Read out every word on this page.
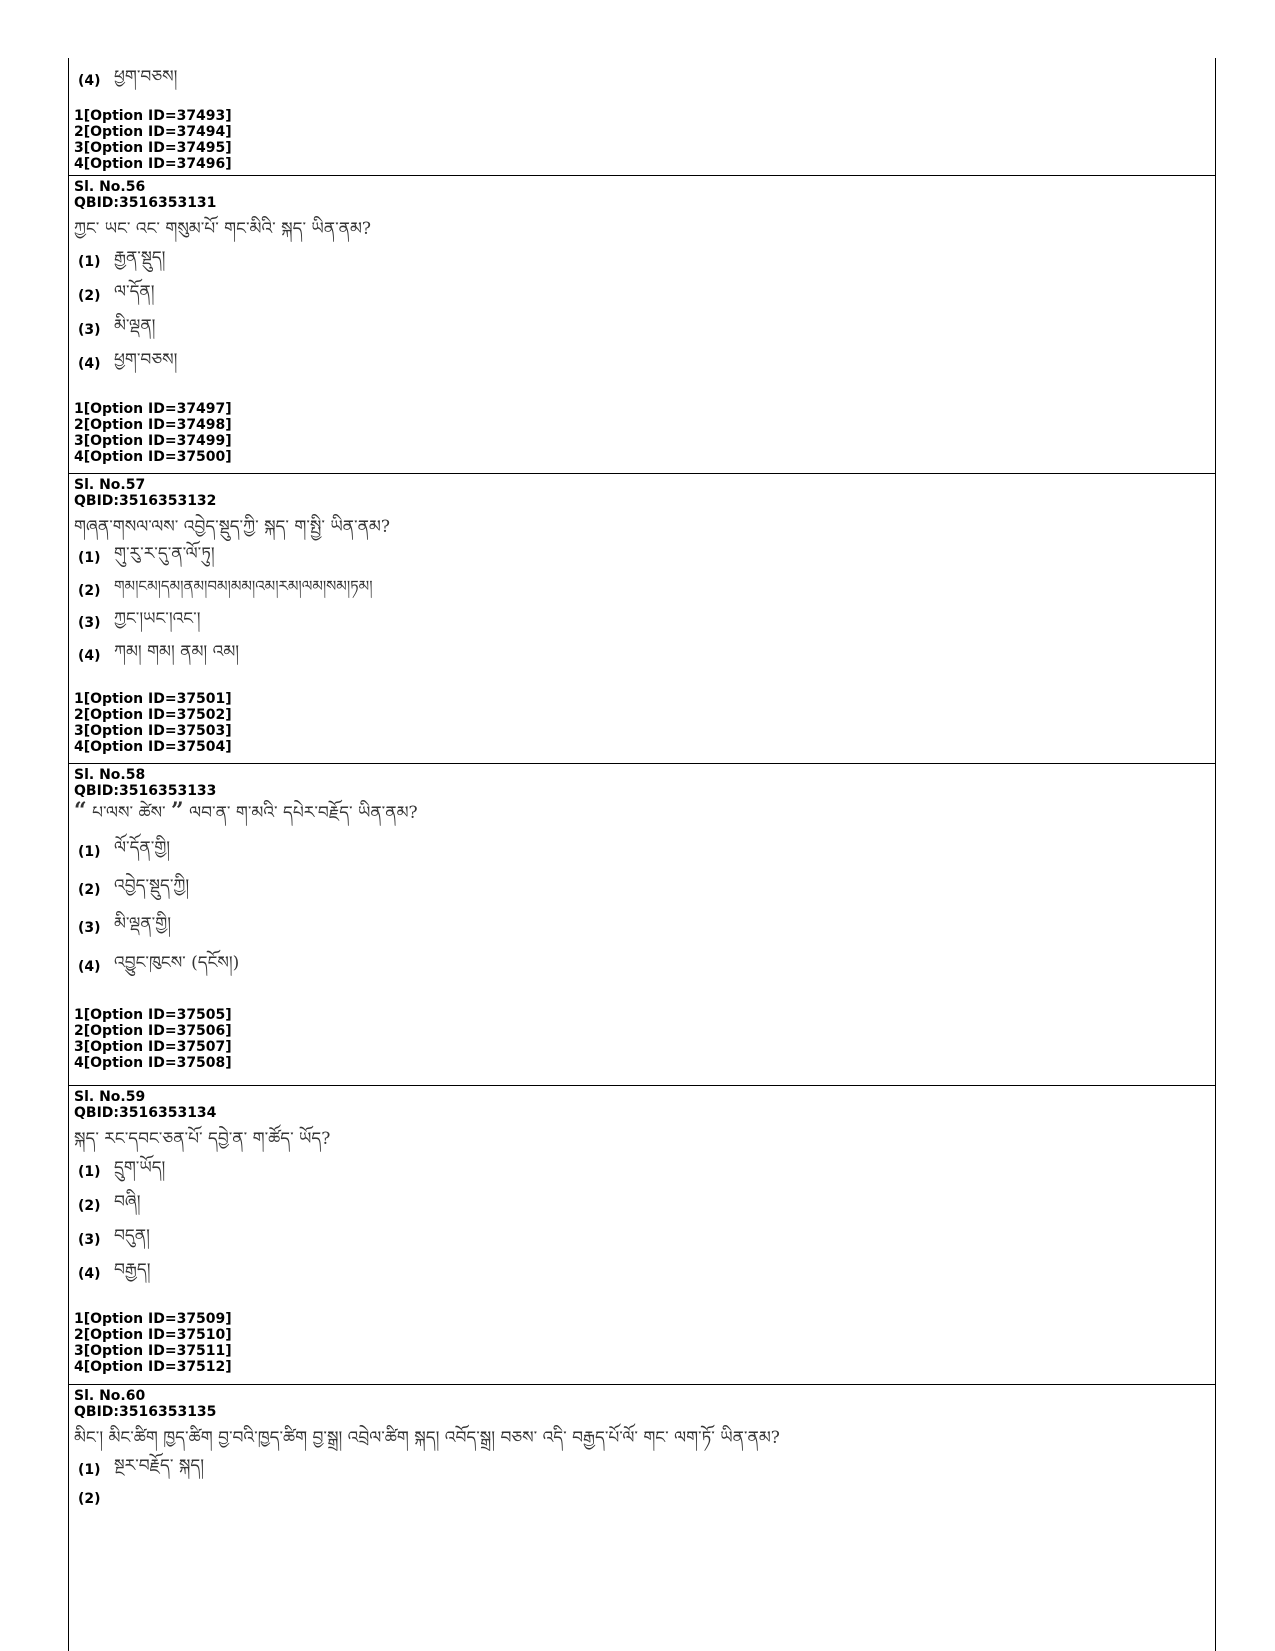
(4) ཕྱག་བཅས།
1[Option ID=37493]
2[Option ID=37494]
3[Option ID=37495]
4[Option ID=37496]
Sl. No.56
QBID:3516353131
ཀྱང་ ཡང་ འང་ གསུམ་པོ་ གང་མིའི་ སྐད་ ཡིན་ནམ?
(1) རྒྱན་སྡུད།
(2) ལ་དོན།
(3) མི་ལྡན།
(4) ཕྱག་བཅས།
1[Option ID=37497]
2[Option ID=37498]
3[Option ID=37499]
4[Option ID=37500]
Sl. No.57
QBID:3516353132
གཞན་གསལ་ལས་ འབྱེད་སྡུད་ཀྱི་ སྐད་ ག་སྤྱི་ ཡིན་ནམ?
(1) གུ་རུ་ར་དུ་ན་ལོ་ཏུ།
(2) གམ།ངམ།དམ།ནམ།བམ།མམ།འམ།རམ།ལམ།སམ།ཏམ།
(3) ཀྱང་།ཡང་།འང་།
(4) ཀམ། གམ། ནམ། འམ།
1[Option ID=37501]
2[Option ID=37502]
3[Option ID=37503]
4[Option ID=37504]
Sl. No.58
QBID:3516353133
“ པ་ལས་ ཚེས་ ” ལབ་ན་ ག་མའི་ དཔེར་བརྗོད་ ཡིན་ནམ?
(1) ལོ་དོན་གྱི།
(2) འབྱེད་སྡུད་ཀྱི།
(3) མི་ལྡན་གྱི།
(4) འབྱུང་ཁུངས་ (དངོས།)
1[Option ID=37505]
2[Option ID=37506]
3[Option ID=37507]
4[Option ID=37508]
Sl. No.59
QBID:3516353134
སྐད་ རང་དབང་ཅན་པོ་ དབྱེ་ན་ ག་ཚོད་ ཡོད?
(1) དྲུག་ཡོད།
(2) བཞི།
(3) བདུན།
(4) བརྒྱད།
1[Option ID=37509]
2[Option ID=37510]
3[Option ID=37511]
4[Option ID=37512]
Sl. No.60
QBID:3516353135
མིང་། མིང་ཚིག ཁྱད་ཚིག བྱ་བའི་ཁྱད་ཚིག བྱ་སྒྲ། འབྲེལ་ཚིག སྐད། འབོད་སྒྲ། བཅས་ འདི་ བརྒྱད་པོ་ལོ་ གང་ ལག་ཏོ་ ཡིན་ནམ?
(1) སྔར་བརྗོད་ སྐད།
(2)
